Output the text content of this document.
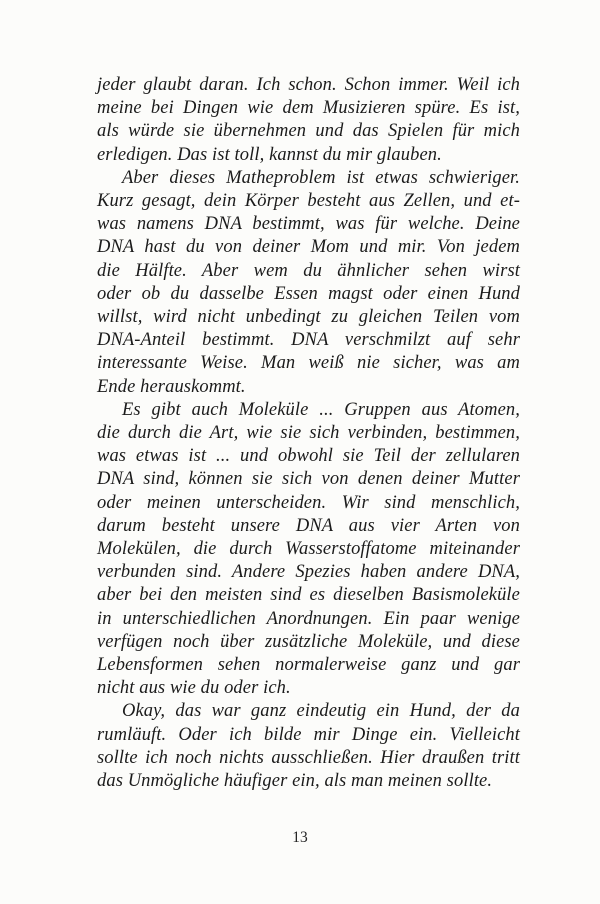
jeder glaubt daran. Ich schon. Schon immer. Weil ich
meine bei Dingen wie dem Musizieren spüre. Es ist,
als würde sie übernehmen und das Spielen für mich
erledigen. Das ist toll, kannst du mir glauben.
Aber dieses Matheproblem ist etwas schwieriger.
Kurz gesagt, dein Körper besteht aus Zellen, und et-
was namens DNA bestimmt, was für welche. Deine
DNA hast du von deiner Mom und mir. Von jedem
die Hälfte. Aber wem du ähnlicher sehen wirst
oder ob du dasselbe Essen magst oder einen Hund
willst, wird nicht unbedingt zu gleichen Teilen vom
DNA-Anteil bestimmt. DNA verschmilzt auf sehr
interessante Weise. Man weiß nie sicher, was am
Ende herauskommt.
Es gibt auch Moleküle ... Gruppen aus Atomen,
die durch die Art, wie sie sich verbinden, bestimmen,
was etwas ist ... und obwohl sie Teil der zellularen
DNA sind, können sie sich von denen deiner Mutter
oder meinen unterscheiden. Wir sind menschlich,
darum besteht unsere DNA aus vier Arten von
Molekülen, die durch Wasserstoffatome miteinander
verbunden sind. Andere Spezies haben andere DNA,
aber bei den meisten sind es dieselben Basismoleküle
in unterschiedlichen Anordnungen. Ein paar wenige
verfügen noch über zusätzliche Moleküle, und diese
Lebensformen sehen normalerweise ganz und gar
nicht aus wie du oder ich.
Okay, das war ganz eindeutig ein Hund, der da
rumläuft. Oder ich bilde mir Dinge ein. Vielleicht
sollte ich noch nichts ausschließen. Hier draußen tritt
das Unmögliche häufiger ein, als man meinen sollte.
13
